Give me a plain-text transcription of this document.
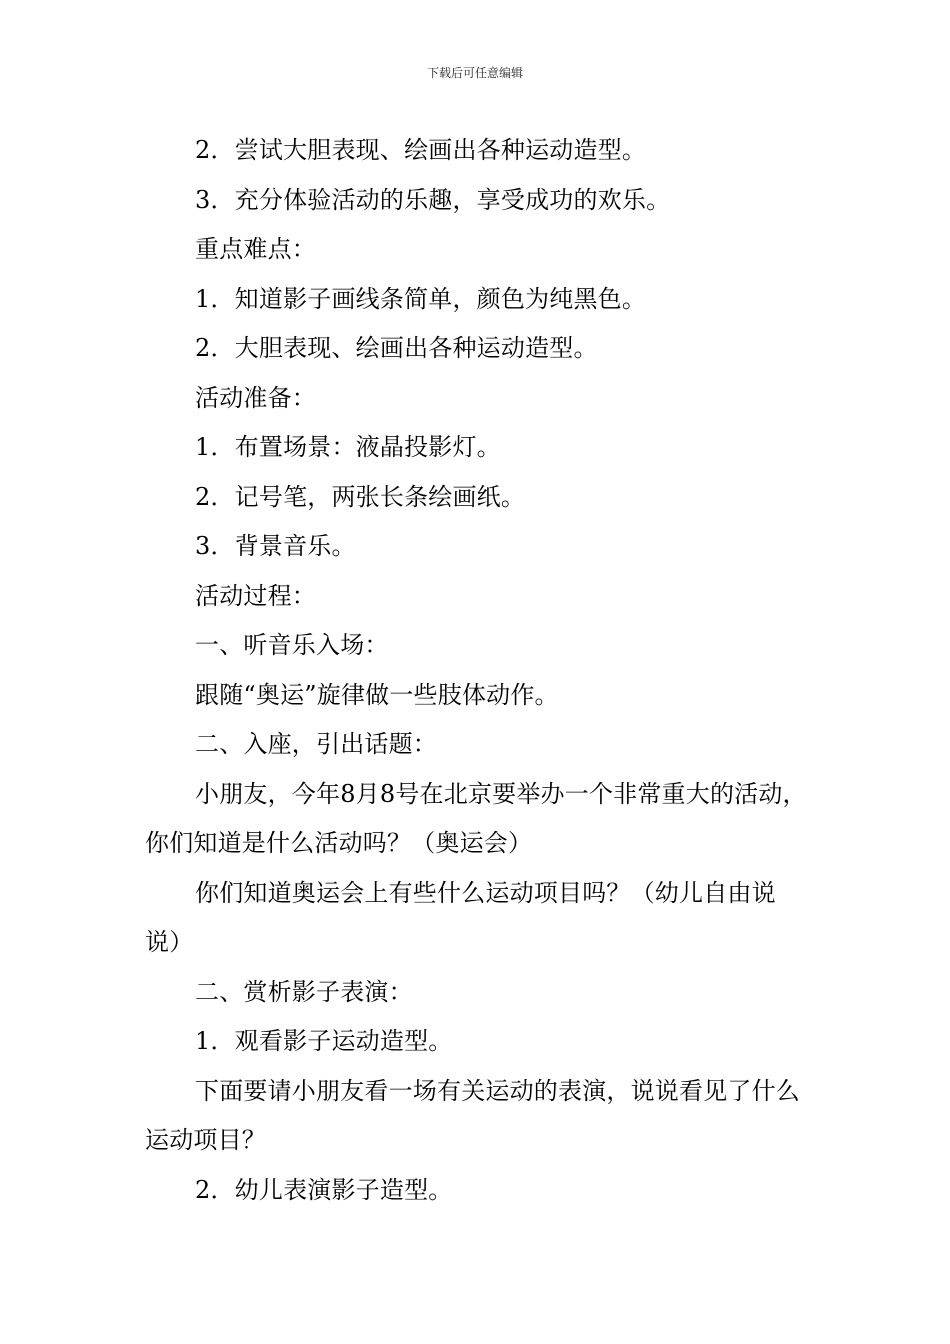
下载后可任意编辑

2．尝试大胆表现、绘画出各种运动造型。

3．充分体验活动的乐趣，享受成功的欢乐。

重点难点：

1．知道影子画线条简单，颜色为纯黑色。

2．大胆表现、绘画出各种运动造型。

活动准备：

1．布置场景：液晶投影灯。

2．记号笔，两张长条绘画纸。

3．背景音乐。

活动过程：

一、听音乐入场：

跟随“奥运”旋律做一些肢体动作。

二、入座，引出话题：

小朋友，今年8月8号在北京要举办一个非常重大的活动，你们知道是什么活动吗？（奥运会）

你们知道奥运会上有些什么运动项目吗？（幼儿自由说说）

二、赏析影子表演：

1．观看影子运动造型。

下面要请小朋友看一场有关运动的表演，说说看见了什么运动项目？

2．幼儿表演影子造型。
